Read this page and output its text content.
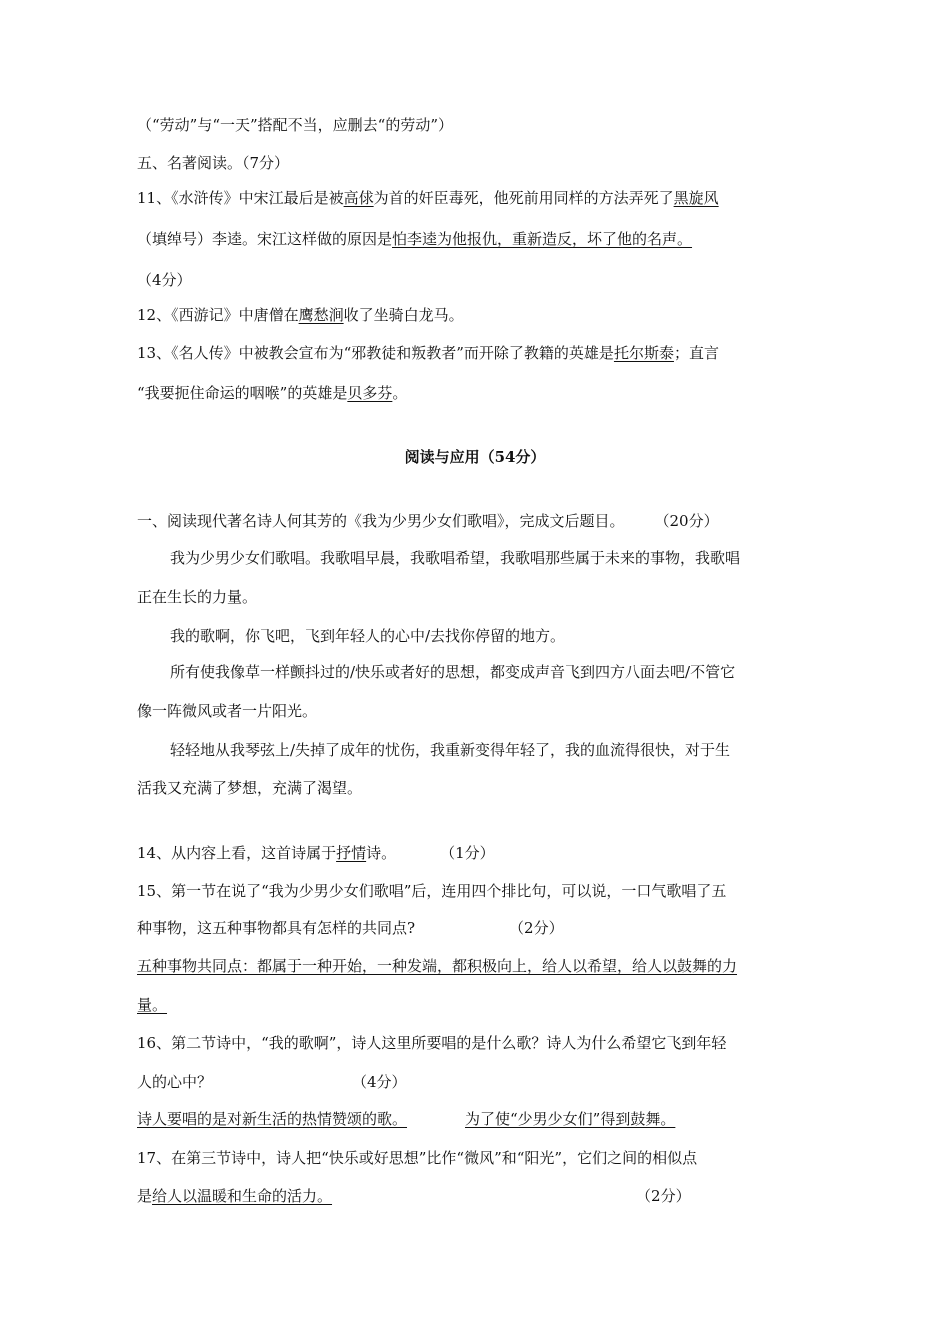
（“劳动”与“一天”搭配不当，应删去“的劳动”）
五、名著阅读。（7分）
11、《水浒传》中宋江最后是被高俅为首的奸臣毒死，他死前用同样的方法弄死了黑旋风
（填绰号）李逵。宋江这样做的原因是怕李逵为他报仇，重新造反，坏了他的名声。
（4分）
12、《西游记》中唐僧在鹰愁涧收了坐骑白龙马。
13、《名人传》中被教会宣布为“邪教徒和叛教者”而开除了教籍的英雄是托尔斯泰；直言
“我要扼住命运的咽喉”的英雄是贝多芬。
阅读与应用（54分）
一、阅读现代著名诗人何其芳的《我为少男少女们歌唱》，完成文后题目。 （20分）
我为少男少女们歌唱。我歌唱早晨，我歌唱希望，我歌唱那些属于未来的事物，我歌唱
正在生长的力量。
我的歌啊，你飞吧，飞到年轻人的心中/去找你停留的地方。
所有使我像草一样颤抖过的/快乐或者好的思想，都变成声音飞到四方八面去吧/不管它
像一阵微风或者一片阳光。
轻轻地从我琴弦上/失掉了成年的忧伤，我重新变得年轻了，我的血流得很快，对于生
活我又充满了梦想，充满了渴望。
14、从内容上看，这首诗属于抒情诗。	（1分）
15、第一节在说了“我为少男少女们歌唱”后，连用四个排比句，可以说，一口气歌唱了五
种事物，这五种事物都具有怎样的共同点?	（2分）
五种事物共同点：都属于一种开始，一种发端，都积极向上，给人以希望，给人以鼓舞的力
量。
16、第二节诗中，“我的歌啊”，诗人这里所要唱的是什么歌？诗人为什么希望它飞到年轻
人的心中？	（4分）
诗人要唱的是对新生活的热情赞颂的歌。	为了使“少男少女们”得到鼓舞。
17、在第三节诗中，诗人把“快乐或好思想”比作“微风”和“阳光”，它们之间的相似点
是给人以温暖和生命的活力。	（2分）
